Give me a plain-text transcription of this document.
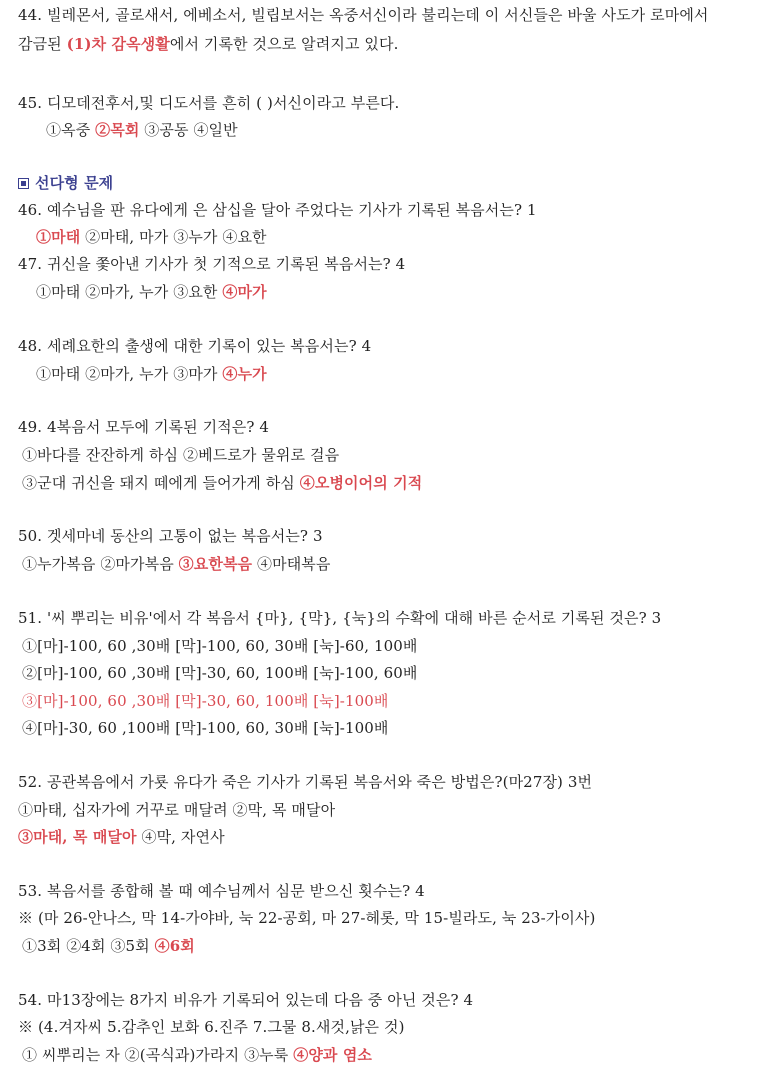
44. 빌레몬서, 골로새서, 에베소서, 빌립보서는 옥중서신이라 불리는데 이 서신들은 바울 사도가 로마에서
감금된 (1)차 감옥생활에서 기록한 것으로 알려지고 있다.
45. 디모데전후서,및 디도서를 흔히 ( )서신이라고 부른다.
①옥중 ②목회 ③공동 ④일반
선다형 문제
46. 예수님을 판 유다에게 은 삼십을 달아 주었다는 기사가 기록된 복음서는? 1
①마태 ②마태, 마가 ③누가 ④요한
47. 귀신을 쫓아낸 기사가 첫 기적으로 기록된 복음서는? 4
①마태 ②마가, 누가 ③요한 ④마가
48. 세례요한의 출생에 대한 기록이 있는 복음서는? 4
①마태 ②마가, 누가 ③마가 ④누가
49. 4복음서 모두에 기록된 기적은? 4
①바다를 잔잔하게 하심 ②베드로가 물위로 걸음
③군대 귀신을 돼지 떼에게 들어가게 하심 ④오병이어의 기적
50. 겟세마네 동산의 고통이 없는 복음서는? 3
①누가복음 ②마가복음 ③요한복음 ④마태복음
51. '씨 뿌리는 비유'에서 각 복음서 {마}, {막}, {눅}의 수확에 대해 바른 순서로 기록된 것은? 3
①[마]-100, 60 ,30배 [막]-100, 60, 30배 [눅]-60, 100배
②[마]-100, 60 ,30배 [막]-30, 60, 100배 [눅]-100, 60배
③[마]-100, 60 ,30배 [막]-30, 60, 100배 [눅]-100배
④[마]-30, 60 ,100배 [막]-100, 60, 30배 [눅]-100배
52. 공관복음에서 가룟 유다가 죽은 기사가 기록된 복음서와 죽은 방법은?(마27장) 3번
①마태, 십자가에 거꾸로 매달려 ②막, 목 매달아
③마태, 목 매달아 ④막, 자연사
53. 복음서를 종합해 볼 때 예수님께서 심문 받으신 횟수는? 4
※ (마 26-안나스, 막 14-가야바, 눅 22-공회, 마 27-헤롯, 막 15-빌라도, 눅 23-가이사)
①3회 ②4회 ③5회 ④6회
54. 마13장에는 8가지 비유가 기록되어 있는데 다음 중 아닌 것은? 4
※ (4.겨자씨 5.감추인 보화 6.진주 7.그물 8.새것,낡은 것)
① 씨뿌리는 자 ②(곡식과)가라지 ③누룩 ④양과 염소
